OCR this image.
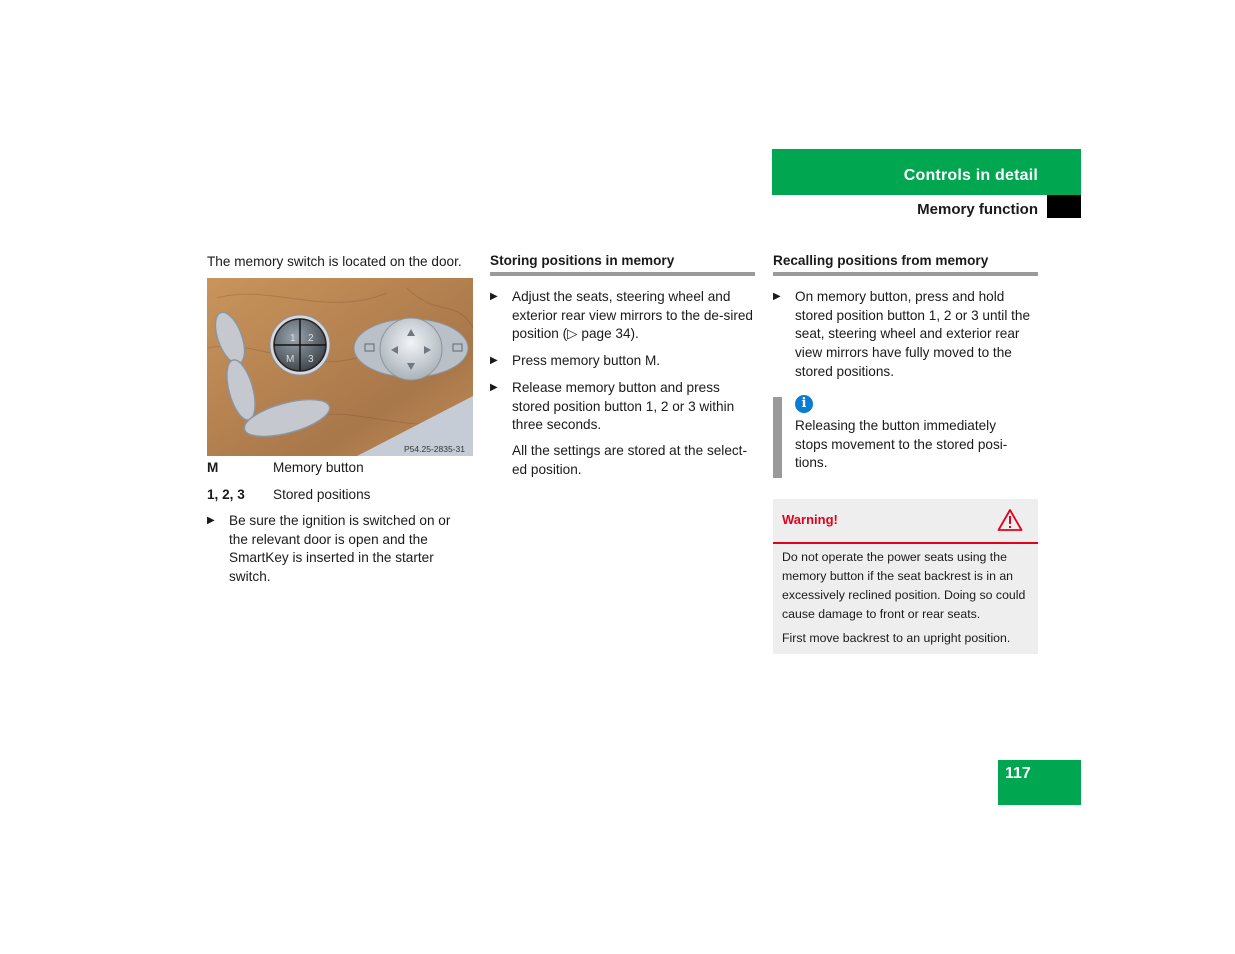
Controls in detail
Memory function
The memory switch is located on the door.
1 2
M 3
P54.25-2835-31
M	Memory button
1, 2, 3 Stored positions
▶	Be sure the ignition is switched on or the relevant door is open and the SmartKey is inserted in the starter switch.
Storing positions in memory
▶	Adjust the seats, steering wheel and exterior rear view mirrors to the de-sired position (▷ page 34).
▶	Press memory button M.
▶	Release memory button and press stored position button 1, 2 or 3 within three seconds.
All the settings are stored at the select-ed position.
Recalling positions from memory
▶	On memory button, press and hold stored position button 1, 2 or 3 until the seat, steering wheel and exterior rear view mirrors have fully moved to the stored positions.
i
Releasing the button immediately stops movement to the stored posi-tions.
Warning!
Do not operate the power seats using the memory button if the seat backrest is in an excessively reclined position. Doing so could cause damage to front or rear seats.
First move backrest to an upright position.
117
